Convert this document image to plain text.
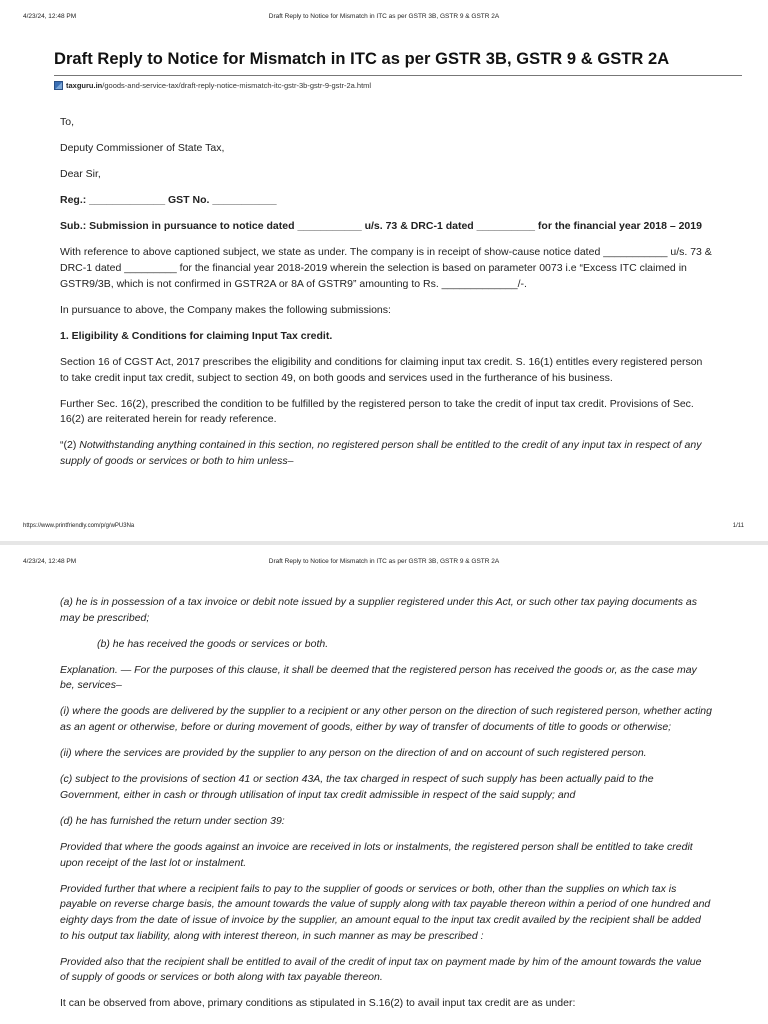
4/23/24, 12:48 PM	Draft Reply to Notice for Mismatch in ITC as per GSTR 3B, GSTR 9 & GSTR 2A
Draft Reply to Notice for Mismatch in ITC as per GSTR 3B, GSTR 9 & GSTR 2A
taxguru.in /goods-and-service-tax/draft-reply-notice-mismatch-itc-gstr-3b-gstr-9-gstr-2a.html

To,

Deputy Commissioner of State Tax,

Dear Sir,

Reg.: _____________ GST No. ___________

Sub.: Submission in pursuance to notice dated ___________ u/s. 73 & DRC-1 dated __________ for the financial year 2018 – 2019

With reference to above captioned subject, we state as under. The company is in receipt of show-cause notice dated ___________ u/s. 73 & DRC-1 dated _________ for the financial year 2018-2019 wherein the selection is based on parameter 0073 i.e “Excess ITC claimed in GSTR9/3B, which is not confirmed in GSTR2A or 8A of GSTR9” amounting to Rs. _____________/-.

In pursuance to above, the Company makes the following submissions:

1. Eligibility & Conditions for claiming Input Tax credit.

Section 16 of CGST Act, 2017 prescribes the eligibility and conditions for claiming input tax credit. S. 16(1) entitles every registered person to take credit input tax credit, subject to section 49, on both goods and services used in the furtherance of his business.

Further Sec. 16(2), prescribed the condition to be fulfilled by the registered person to take the credit of input tax credit. Provisions of Sec. 16(2) are reiterated herein for ready reference.

“(2) Notwithstanding anything contained in this section, no registered person shall be entitled to the credit of any input tax in respect of any supply of goods or services or both to him unless–

https://www.printfriendly.com/p/g/wPU3Na	1/11
4/23/24, 12:48 PM	Draft Reply to Notice for Mismatch in ITC as per GSTR 3B, GSTR 9 & GSTR 2A

(a) he is in possession of a tax invoice or debit note issued by a supplier registered under this Act, or such other tax paying documents as may be prescribed;

(b) he has received the goods or services or both.

Explanation. — For the purposes of this clause, it shall be deemed that the registered person has received the goods or, as the case may be, services–

(i) where the goods are delivered by the supplier to a recipient or any other person on the direction of such registered person, whether acting as an agent or otherwise, before or during movement of goods, either by way of transfer of documents of title to goods or otherwise;

(ii) where the services are provided by the supplier to any person on the direction of and on account of such registered person.

(c) subject to the provisions of section 41 or section 43A, the tax charged in respect of such supply has been actually paid to the Government, either in cash or through utilisation of input tax credit admissible in respect of the said supply; and

(d) he has furnished the return under section 39:

Provided that where the goods against an invoice are received in lots or instalments, the registered person shall be entitled to take credit upon receipt of the last lot or instalment.

Provided further that where a recipient fails to pay to the supplier of goods or services or both, other than the supplies on which tax is payable on reverse charge basis, the amount towards the value of supply along with tax payable thereon within a period of one hundred and eighty days from the date of issue of invoice by the supplier, an amount equal to the input tax credit availed by the recipient shall be added to his output tax liability, along with interest thereon, in such manner as may be prescribed :

Provided also that the recipient shall be entitled to avail of the credit of input tax on payment made by him of the amount towards the value of supply of goods or services or both along with tax payable thereon.

It can be observed from above, primary conditions as stipulated in S.16(2) to avail input tax credit are as under:
